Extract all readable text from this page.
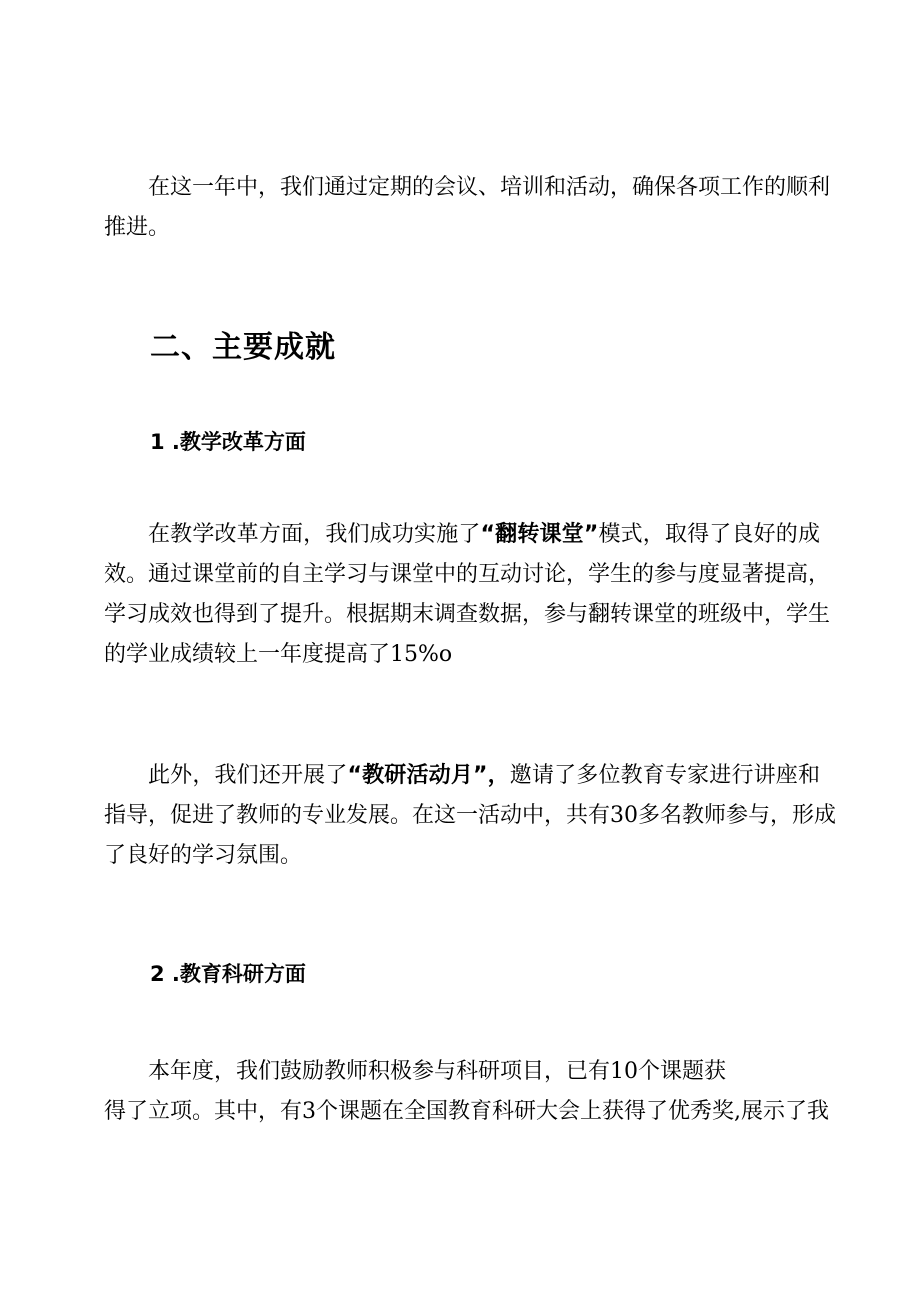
在这一年中，我们通过定期的会议、培训和活动，确保各项工作的顺利
推进。

二、主要成就
1 .教学改革方面

在教学改革方面，我们成功实施了“翻转课堂”模式，取得了良好的成
效。通过课堂前的自主学习与课堂中的互动讨论，学生的参与度显著提高，
学习成效也得到了提升。根据期末调查数据，参与翻转课堂的班级中，学生
的学业成绩较上一年度提高了15%o

此外，我们还开展了“教研活动月”，邀请了多位教育专家进行讲座和
指导，促进了教师的专业发展。在这一活动中，共有30多名教师参与，形成
了良好的学习氛围。

2 .教育科研方面

本年度，我们鼓励教师积极参与科研项目，已有10个课题获
得了立项。其中，有3个课题在全国教育科研大会上获得了优秀奖,展示了我
